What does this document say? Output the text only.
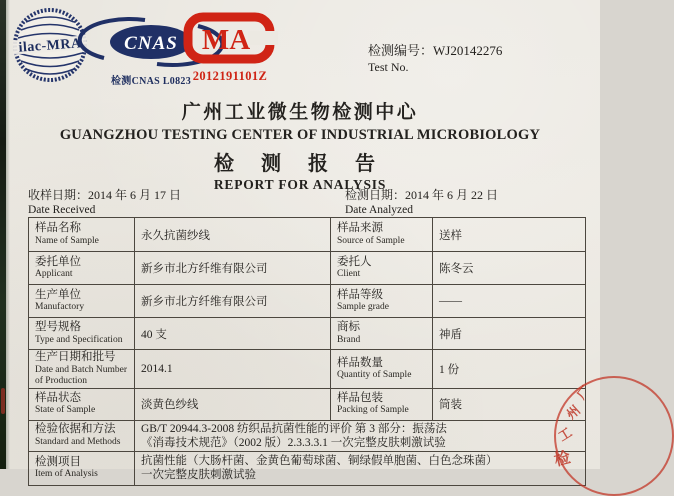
ilac-MRA CNAS
检测CNAS L0823
MA
2012191101Z
检测编号：WJ20142276
Test No.
广州工业微生物检测中心
GUANGZHOU TESTING CENTER OF INDUSTRIAL MICROBIOLOGY
检 测 报 告
REPORT FOR ANALYSIS
收样日期：2014 年 6 月 17 日
Date Received
检测日期：2014 年 6 月 22 日
Date Analyzed
样品名称
Name of Sample	永久抗菌纱线	
样品来源
Source of Sample	送样

委托单位
Applicant	新乡市北方纤维有限公司	
委托人
Client	陈冬云

生产单位
Manufactory	新乡市北方纤维有限公司	
样品等级
Sample grade
	——

型号规格
Type and Specification	40 支	
商标
Brand	神盾

生产日期和批号
Date and Batch Number of Production
	2014.1	
样品数量
Quantity of Sample	1 份

样品状态
State of Sample	淡黄色纱线	
样品包装
Packing of Sample	筒装

检验依据和方法
Standard and Methods

GB/T 20944.3-2008 纺织品抗菌性能的评价 第 3 部分：振荡法
《消毒技术规范》（2002 版）2.3.3.3.1 一次完整皮肤刺激试验

检测项目
Item of Analysis

抗菌性能（大肠杆菌、金黄色葡萄球菌、铜绿假单胞菌、白色念珠菌）
一次完整皮肤刺激试验
广
州
工
检
